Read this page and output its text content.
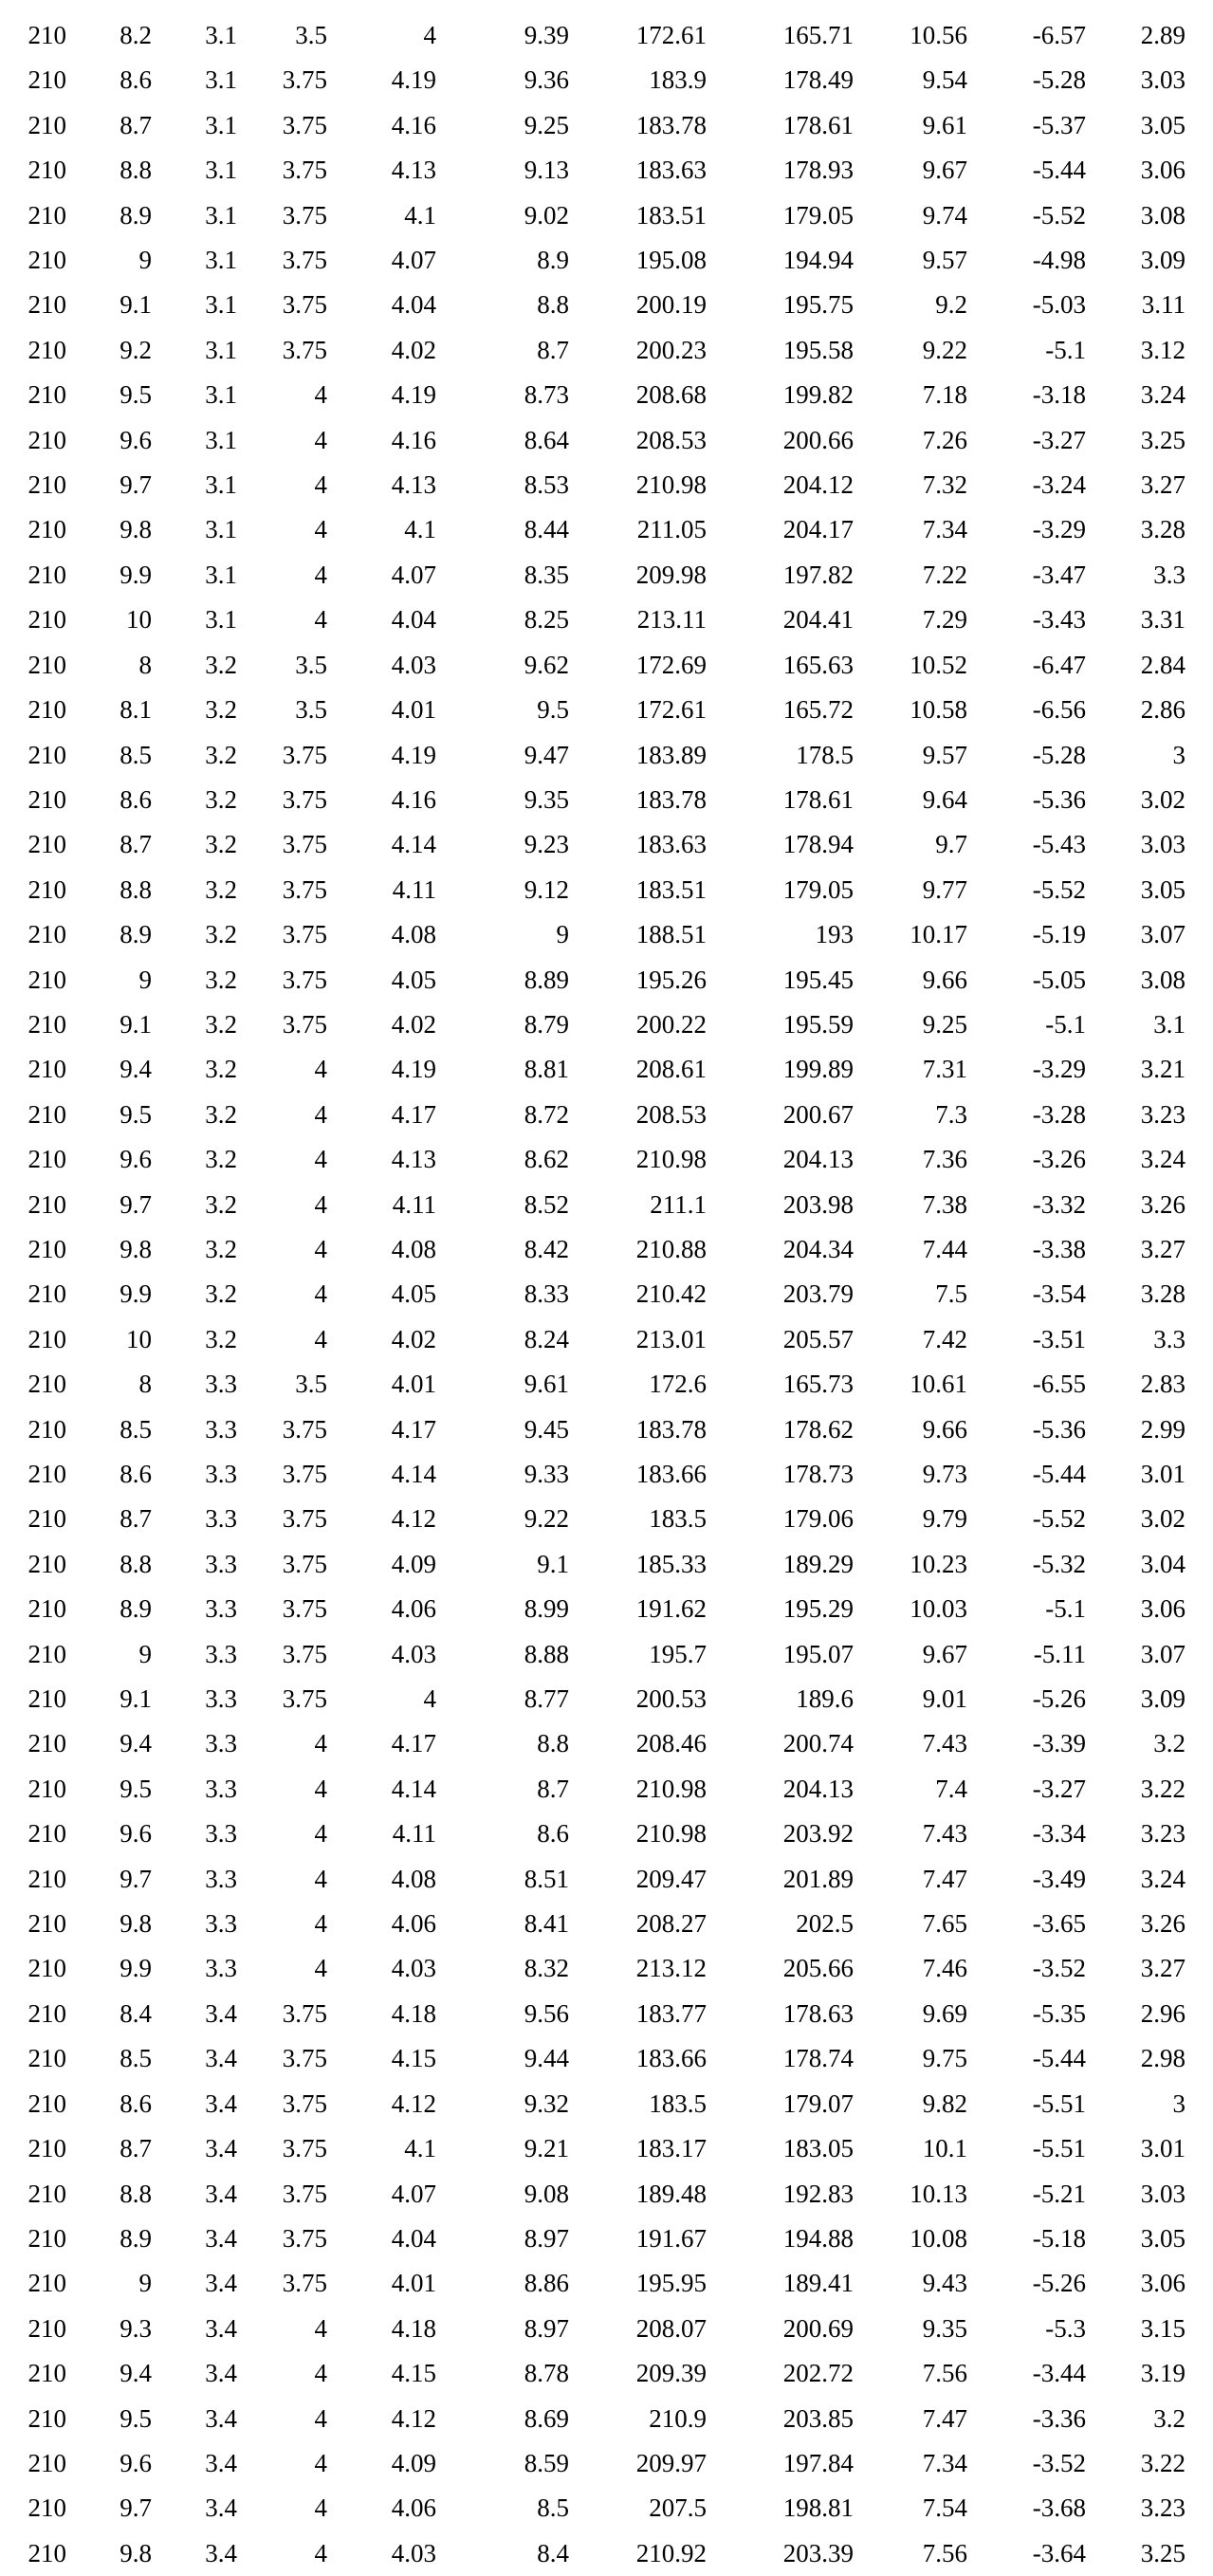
210	8.2	3.1	3.5	4	9.39	172.61	165.71	10.56	-6.57	2.89
210	8.6	3.1	3.75	4.19	9.36	183.9	178.49	9.54	-5.28	3.03
210	8.7	3.1	3.75	4.16	9.25	183.78	178.61	9.61	-5.37	3.05
210	8.8	3.1	3.75	4.13	9.13	183.63	178.93	9.67	-5.44	3.06
210	8.9	3.1	3.75	4.1	9.02	183.51	179.05	9.74	-5.52	3.08
210	9	3.1	3.75	4.07	8.9	195.08	194.94	9.57	-4.98	3.09
210	9.1	3.1	3.75	4.04	8.8	200.19	195.75	9.2	-5.03	3.11
210	9.2	3.1	3.75	4.02	8.7	200.23	195.58	9.22	-5.1	3.12
210	9.5	3.1	4	4.19	8.73	208.68	199.82	7.18	-3.18	3.24
210	9.6	3.1	4	4.16	8.64	208.53	200.66	7.26	-3.27	3.25
210	9.7	3.1	4	4.13	8.53	210.98	204.12	7.32	-3.24	3.27
210	9.8	3.1	4	4.1	8.44	211.05	204.17	7.34	-3.29	3.28
210	9.9	3.1	4	4.07	8.35	209.98	197.82	7.22	-3.47	3.3
210	10	3.1	4	4.04	8.25	213.11	204.41	7.29	-3.43	3.31
210	8	3.2	3.5	4.03	9.62	172.69	165.63	10.52	-6.47	2.84
210	8.1	3.2	3.5	4.01	9.5	172.61	165.72	10.58	-6.56	2.86
210	8.5	3.2	3.75	4.19	9.47	183.89	178.5	9.57	-5.28	3
210	8.6	3.2	3.75	4.16	9.35	183.78	178.61	9.64	-5.36	3.02
210	8.7	3.2	3.75	4.14	9.23	183.63	178.94	9.7	-5.43	3.03
210	8.8	3.2	3.75	4.11	9.12	183.51	179.05	9.77	-5.52	3.05
210	8.9	3.2	3.75	4.08	9	188.51	193	10.17	-5.19	3.07
210	9	3.2	3.75	4.05	8.89	195.26	195.45	9.66	-5.05	3.08
210	9.1	3.2	3.75	4.02	8.79	200.22	195.59	9.25	-5.1	3.1
210	9.4	3.2	4	4.19	8.81	208.61	199.89	7.31	-3.29	3.21
210	9.5	3.2	4	4.17	8.72	208.53	200.67	7.3	-3.28	3.23
210	9.6	3.2	4	4.13	8.62	210.98	204.13	7.36	-3.26	3.24
210	9.7	3.2	4	4.11	8.52	211.1	203.98	7.38	-3.32	3.26
210	9.8	3.2	4	4.08	8.42	210.88	204.34	7.44	-3.38	3.27
210	9.9	3.2	4	4.05	8.33	210.42	203.79	7.5	-3.54	3.28
210	10	3.2	4	4.02	8.24	213.01	205.57	7.42	-3.51	3.3
210	8	3.3	3.5	4.01	9.61	172.6	165.73	10.61	-6.55	2.83
210	8.5	3.3	3.75	4.17	9.45	183.78	178.62	9.66	-5.36	2.99
210	8.6	3.3	3.75	4.14	9.33	183.66	178.73	9.73	-5.44	3.01
210	8.7	3.3	3.75	4.12	9.22	183.5	179.06	9.79	-5.52	3.02
210	8.8	3.3	3.75	4.09	9.1	185.33	189.29	10.23	-5.32	3.04
210	8.9	3.3	3.75	4.06	8.99	191.62	195.29	10.03	-5.1	3.06
210	9	3.3	3.75	4.03	8.88	195.7	195.07	9.67	-5.11	3.07
210	9.1	3.3	3.75	4	8.77	200.53	189.6	9.01	-5.26	3.09
210	9.4	3.3	4	4.17	8.8	208.46	200.74	7.43	-3.39	3.2
210	9.5	3.3	4	4.14	8.7	210.98	204.13	7.4	-3.27	3.22
210	9.6	3.3	4	4.11	8.6	210.98	203.92	7.43	-3.34	3.23
210	9.7	3.3	4	4.08	8.51	209.47	201.89	7.47	-3.49	3.24
210	9.8	3.3	4	4.06	8.41	208.27	202.5	7.65	-3.65	3.26
210	9.9	3.3	4	4.03	8.32	213.12	205.66	7.46	-3.52	3.27
210	8.4	3.4	3.75	4.18	9.56	183.77	178.63	9.69	-5.35	2.96
210	8.5	3.4	3.75	4.15	9.44	183.66	178.74	9.75	-5.44	2.98
210	8.6	3.4	3.75	4.12	9.32	183.5	179.07	9.82	-5.51	3
210	8.7	3.4	3.75	4.1	9.21	183.17	183.05	10.1	-5.51	3.01
210	8.8	3.4	3.75	4.07	9.08	189.48	192.83	10.13	-5.21	3.03
210	8.9	3.4	3.75	4.04	8.97	191.67	194.88	10.08	-5.18	3.05
210	9	3.4	3.75	4.01	8.86	195.95	189.41	9.43	-5.26	3.06
210	9.3	3.4	4	4.18	8.97	208.07	200.69	9.35	-5.3	3.15
210	9.4	3.4	4	4.15	8.78	209.39	202.72	7.56	-3.44	3.19
210	9.5	3.4	4	4.12	8.69	210.9	203.85	7.47	-3.36	3.2
210	9.6	3.4	4	4.09	8.59	209.97	197.84	7.34	-3.52	3.22
210	9.7	3.4	4	4.06	8.5	207.5	198.81	7.54	-3.68	3.23
210	9.8	3.4	4	4.03	8.4	210.92	203.39	7.56	-3.64	3.25
